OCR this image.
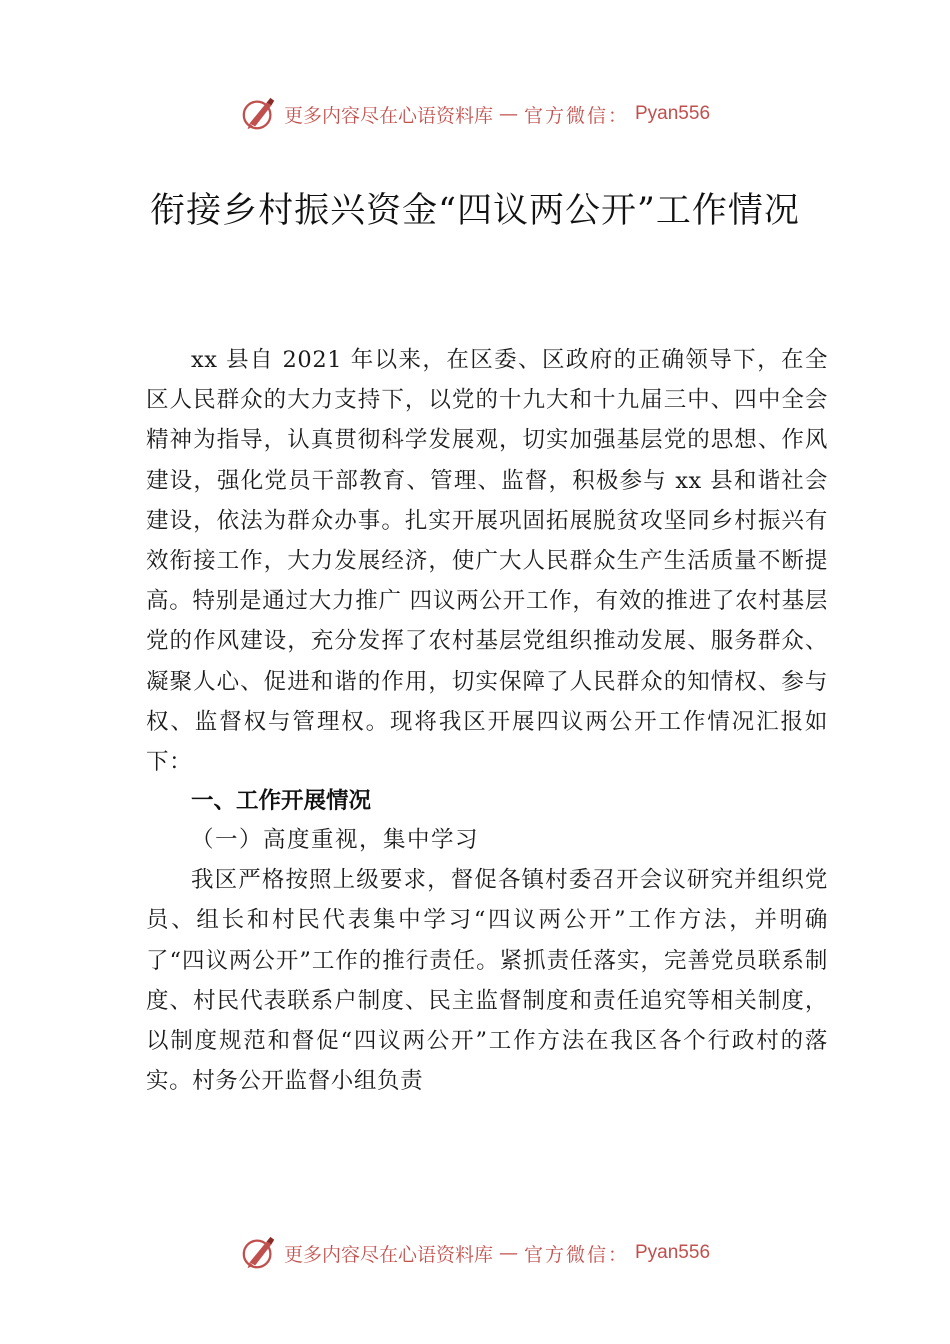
更多内容尽在心语资料库 — 官方微信： Pyan556
衔接乡村振兴资金“四议两公开”工作情况

xx 县自 2021 年以来，在区委、区政府的正确领导下，在全区人民群众的大力支持下，以党的十九大和十九届三中、四中全会精神为指导，认真贯彻科学发展观，切实加强基层党的思想、作风建设，强化党员干部教育、管理、监督，积极参与 xx 县和谐社会建设，依法为群众办事。扎实开展巩固拓展脱贫攻坚同乡村振兴有效衔接工作，大力发展经济，使广大人民群众生产生活质量不断提高。特别是通过大力推广 四议两公开工作，有效的推进了农村基层党的作风建设，充分发挥了农村基层党组织推动发展、服务群众、凝聚人心、促进和谐的作用，切实保障了人民群众的知情权、参与权、监督权与管理权。现将我区开展四议两公开工作情况汇报如 下：

一、工作开展情况

（一）高度重视，集中学习

我区严格按照上级要求，督促各镇村委召开会议研究并组织党员、组长和村民代表集中学习“四议两公开”工作方法，并明确了“四议两公开”工作的推行责任。紧抓责任落实，完善党员联系制度、村民代表联系户制度、民主监督制度和责任追究等相关制度，以制度规范和督促“四议两公开”工作方法在我区各个行政村的落实。村务公开监督小组负责

更多内容尽在心语资料库 — 官方微信： Pyan556
